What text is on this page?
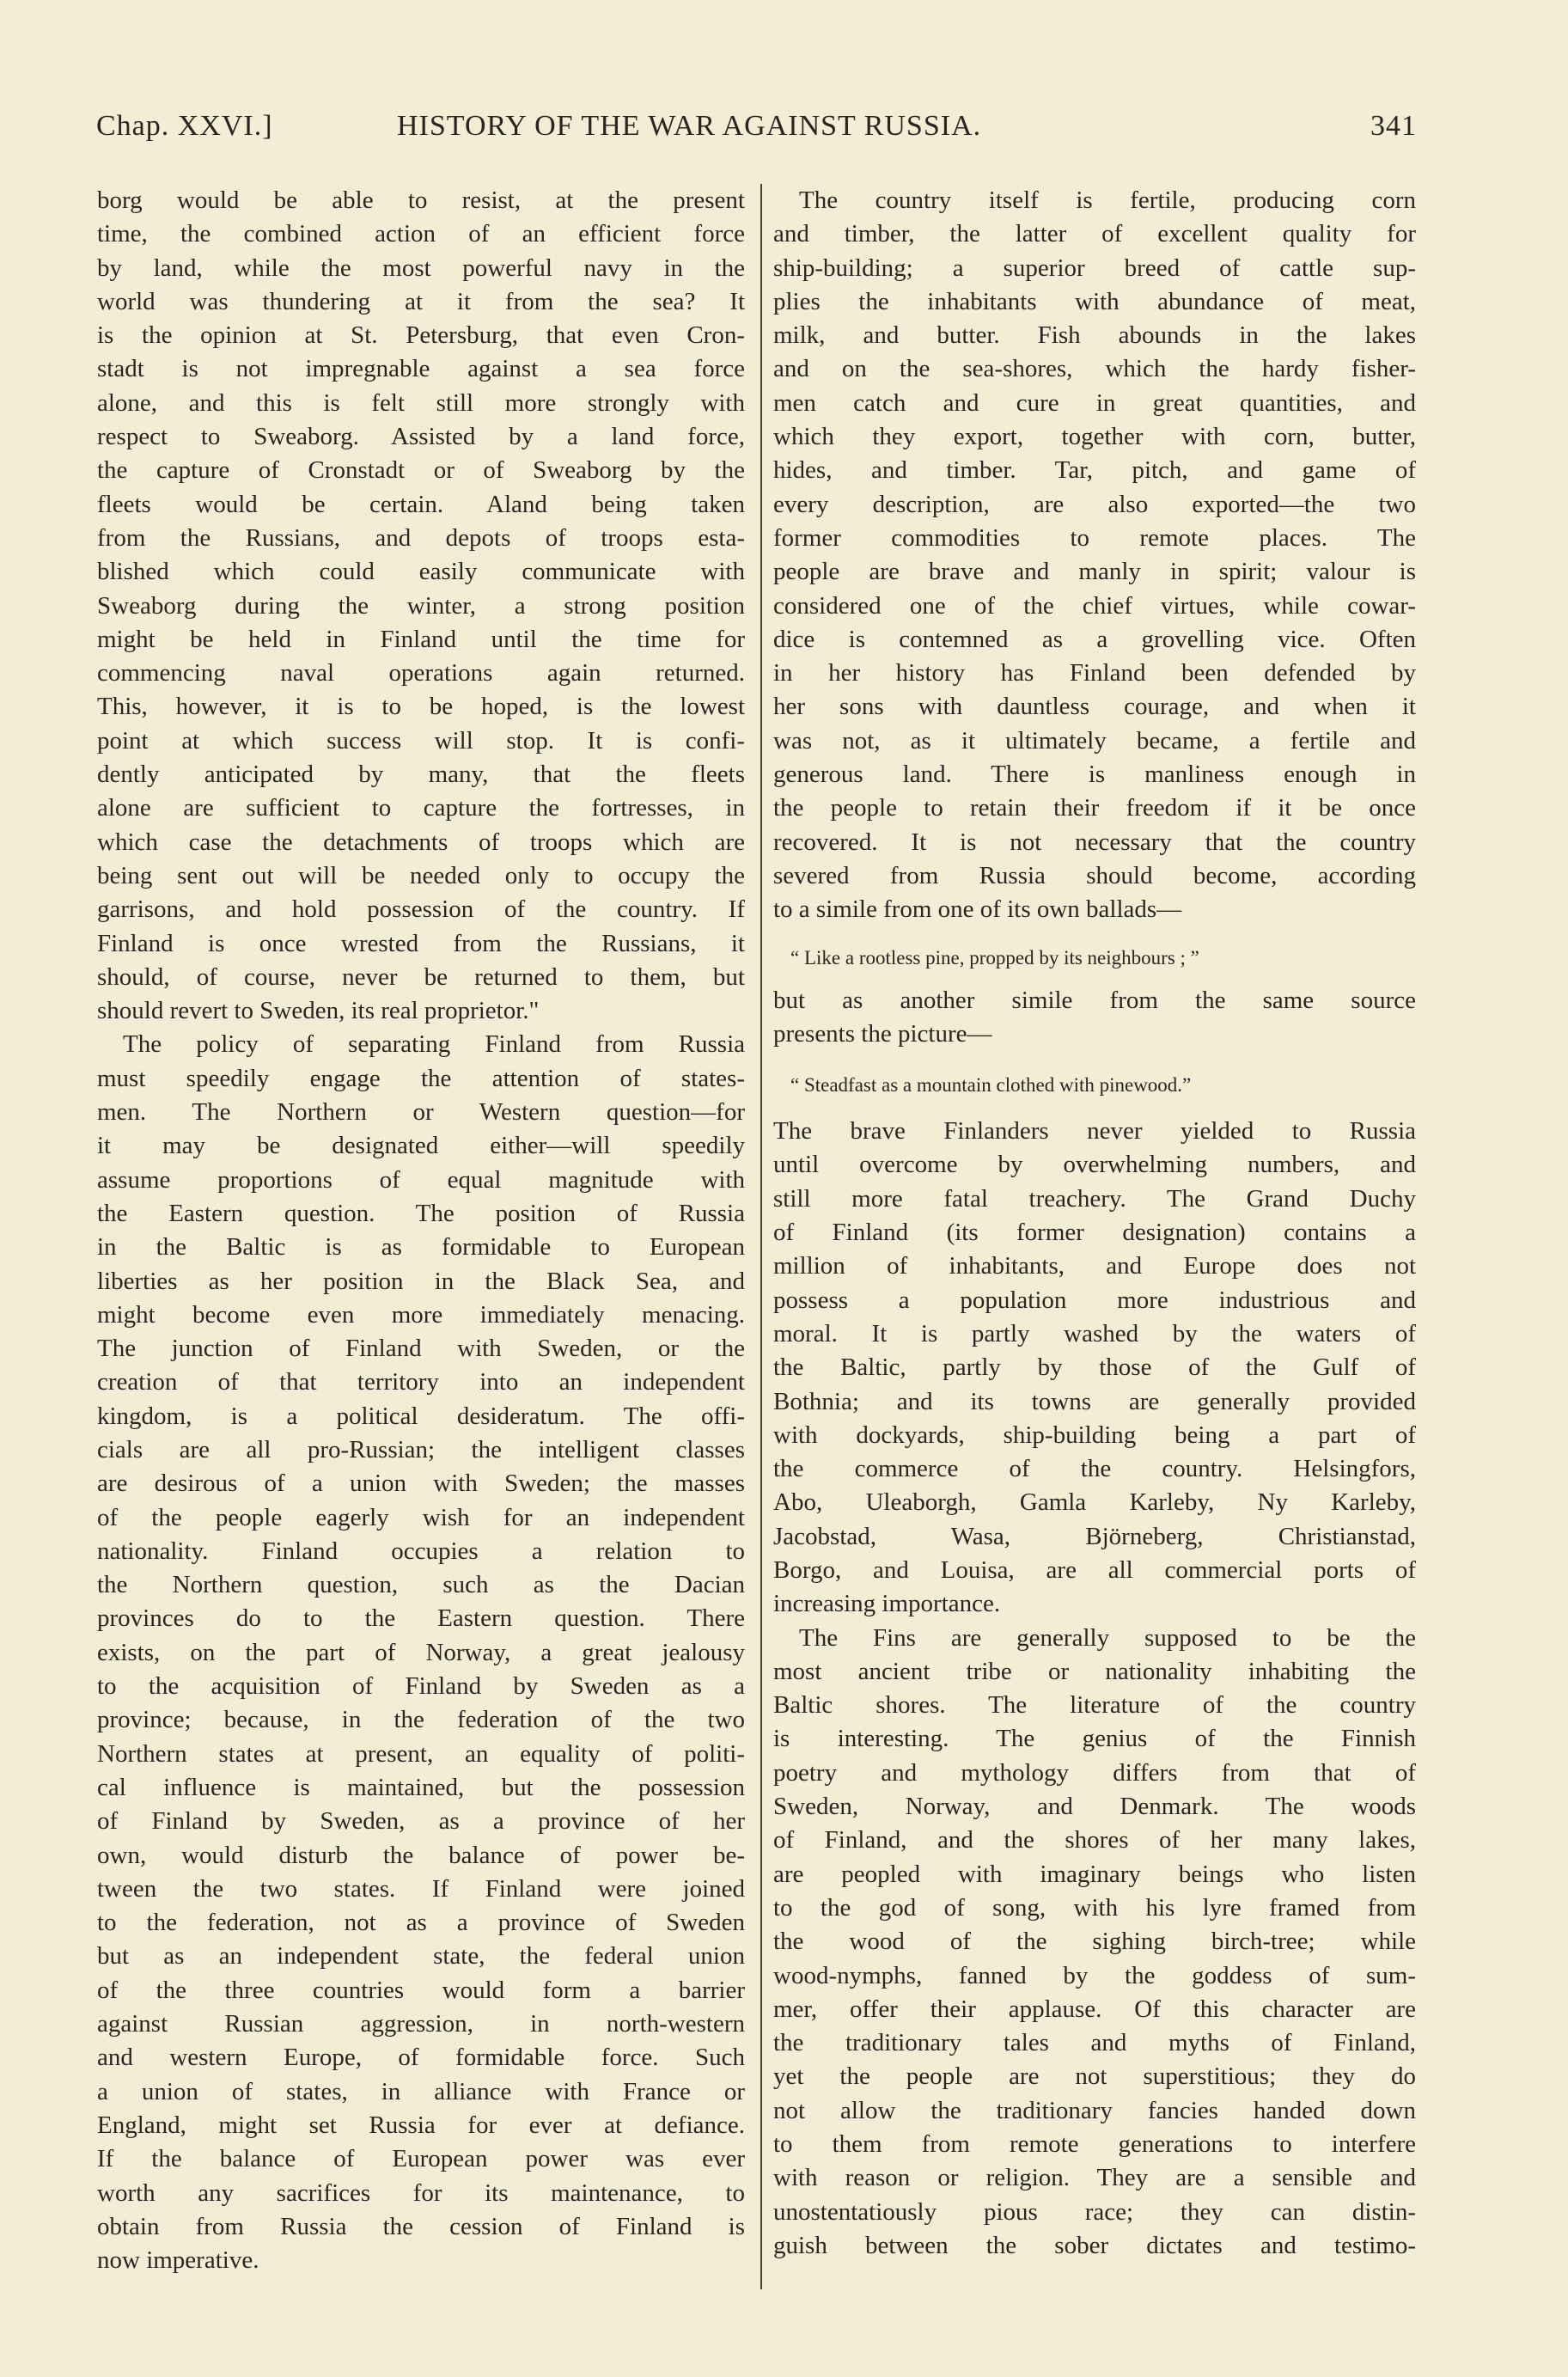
Chap. XXVI.]	HISTORY OF THE WAR AGAINST RUSSIA.	341
borg would be able to resist, at the present
time, the combined action of an efficient force
by land, while the most powerful navy in the
world was thundering at it from the sea? It
is the opinion at St. Petersburg, that even Cron-
stadt is not impregnable against a sea force
alone, and this is felt still more strongly with
respect to Sweaborg. Assisted by a land force,
the capture of Cronstadt or of Sweaborg by the
fleets would be certain. Aland being taken
from the Russians, and depots of troops esta-
blished which could easily communicate with
Sweaborg during the winter, a strong position
might be held in Finland until the time for
commencing naval operations again returned.
This, however, it is to be hoped, is the lowest
point at which success will stop. It is confi-
dently anticipated by many, that the fleets
alone are sufficient to capture the fortresses, in
which case the detachments of troops which are
being sent out will be needed only to occupy the
garrisons, and hold possession of the country. If
Finland is once wrested from the Russians, it
should, of course, never be returned to them, but
should revert to Sweden, its real proprietor."
The policy of separating Finland from Russia
must speedily engage the attention of states-
men. The Northern or Western question—for
it may be designated either—will speedily
assume proportions of equal magnitude with
the Eastern question. The position of Russia
in the Baltic is as formidable to European
liberties as her position in the Black Sea, and
might become even more immediately menacing.
The junction of Finland with Sweden, or the
creation of that territory into an independent
kingdom, is a political desideratum. The offi-
cials are all pro-Russian; the intelligent classes
are desirous of a union with Sweden; the masses
of the people eagerly wish for an independent
nationality. Finland occupies a relation to
the Northern question, such as the Dacian
provinces do to the Eastern question. There
exists, on the part of Norway, a great jealousy
to the acquisition of Finland by Sweden as a
province; because, in the federation of the two
Northern states at present, an equality of politi-
cal influence is maintained, but the possession
of Finland by Sweden, as a province of her
own, would disturb the balance of power be-
tween the two states. If Finland were joined
to the federation, not as a province of Sweden
but as an independent state, the federal union
of the three countries would form a barrier
against Russian aggression, in north-western
and western Europe, of formidable force. Such
a union of states, in alliance with France or
England, might set Russia for ever at defiance.
If the balance of European power was ever
worth any sacrifices for its maintenance, to
obtain from Russia the cession of Finland is
now imperative.
The country itself is fertile, producing corn
and timber, the latter of excellent quality for
ship-building; a superior breed of cattle sup-
plies the inhabitants with abundance of meat,
milk, and butter. Fish abounds in the lakes
and on the sea-shores, which the hardy fisher-
men catch and cure in great quantities, and
which they export, together with corn, butter,
hides, and timber. Tar, pitch, and game of
every description, are also exported—the two
former commodities to remote places. The
people are brave and manly in spirit; valour is
considered one of the chief virtues, while cowar-
dice is contemned as a grovelling vice. Often
in her history has Finland been defended by
her sons with dauntless courage, and when it
was not, as it ultimately became, a fertile and
generous land. There is manliness enough in
the people to retain their freedom if it be once
recovered. It is not necessary that the country
severed from Russia should become, according
to a simile from one of its own ballads—
“ Like a rootless pine, propped by its neighbours ; ”
but as another simile from the same source
presents the picture—
“ Steadfast as a mountain clothed with pinewood.”
The brave Finlanders never yielded to Russia
until overcome by overwhelming numbers, and
still more fatal treachery. The Grand Duchy
of Finland (its former designation) contains a
million of inhabitants, and Europe does not
possess a population more industrious and
moral. It is partly washed by the waters of
the Baltic, partly by those of the Gulf of
Bothnia; and its towns are generally provided
with dockyards, ship-building being a part of
the commerce of the country. Helsingfors,
Abo, Uleaborgh, Gamla Karleby, Ny Karleby,
Jacobstad, Wasa, Björneberg, Christianstad,
Borgo, and Louisa, are all commercial ports of
increasing importance.
The Fins are generally supposed to be the
most ancient tribe or nationality inhabiting the
Baltic shores. The literature of the country
is interesting. The genius of the Finnish
poetry and mythology differs from that of
Sweden, Norway, and Denmark. The woods
of Finland, and the shores of her many lakes,
are peopled with imaginary beings who listen
to the god of song, with his lyre framed from
the wood of the sighing birch-tree; while
wood-nymphs, fanned by the goddess of sum-
mer, offer their applause. Of this character are
the traditionary tales and myths of Finland,
yet the people are not superstitious; they do
not allow the traditionary fancies handed down
to them from remote generations to interfere
with reason or religion. They are a sensible and
unostentatiously pious race; they can distin-
guish between the sober dictates and testimo-
